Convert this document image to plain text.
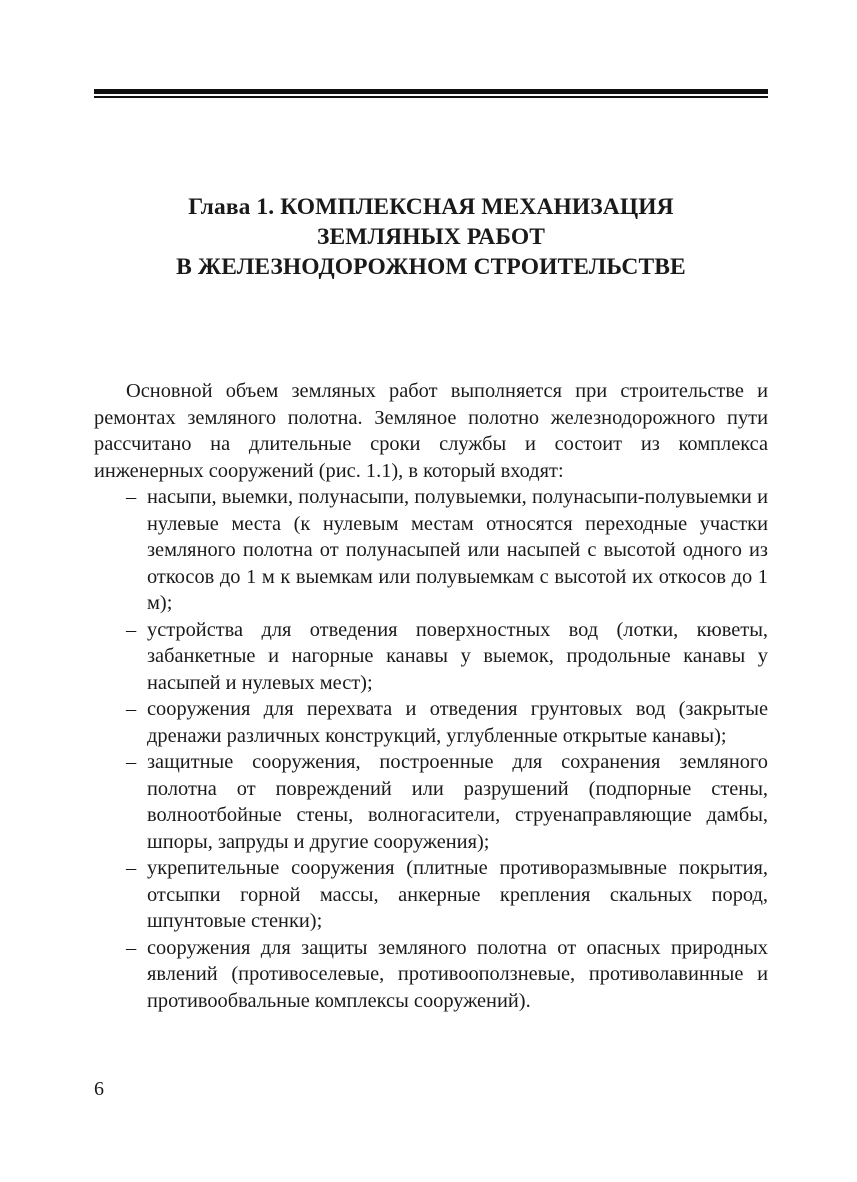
Глава 1. КОМПЛЕКСНАЯ МЕХАНИЗАЦИЯ
ЗЕМЛЯНЫХ РАБОТ
В ЖЕЛЕЗНОДОРОЖНОМ СТРОИТЕЛЬСТВЕ

Основной объем земляных работ выполняется при строительстве и ремонтах земляного полотна. Земляное полотно железнодорожного пути рассчитано на длительные сроки службы и состоит из комплекса инженерных сооружений (рис. 1.1), в который входят:

– насыпи, выемки, полунасыпи, полувыемки, полунасыпи-полувыемки и нулевые места (к нулевым местам относятся переходные участки земляного полотна от полунасыпей или насыпей с высотой одного из откосов до 1 м к выемкам или полувыемкам с высотой их откосов до 1 м);
– устройства для отведения поверхностных вод (лотки, кюветы, забанкетные и нагорные канавы у выемок, продольные канавы у насыпей и нулевых мест);
– сооружения для перехвата и отведения грунтовых вод (закрытые дренажи различных конструкций, углубленные открытые канавы);
– защитные сооружения, построенные для сохранения земляного полотна от повреждений или разрушений (подпорные стены, волноотбойные стены, волногасители, струенаправляющие дамбы, шпоры, запруды и другие сооружения);
– укрепительные сооружения (плитные противоразмывные покрытия, отсыпки горной массы, анкерные крепления скальных пород, шпунтовые стенки);
– сооружения для защиты земляного полотна от опасных природных явлений (противоселевые, противооползневые, противолавинные и противообвальные комплексы сооружений).
6
